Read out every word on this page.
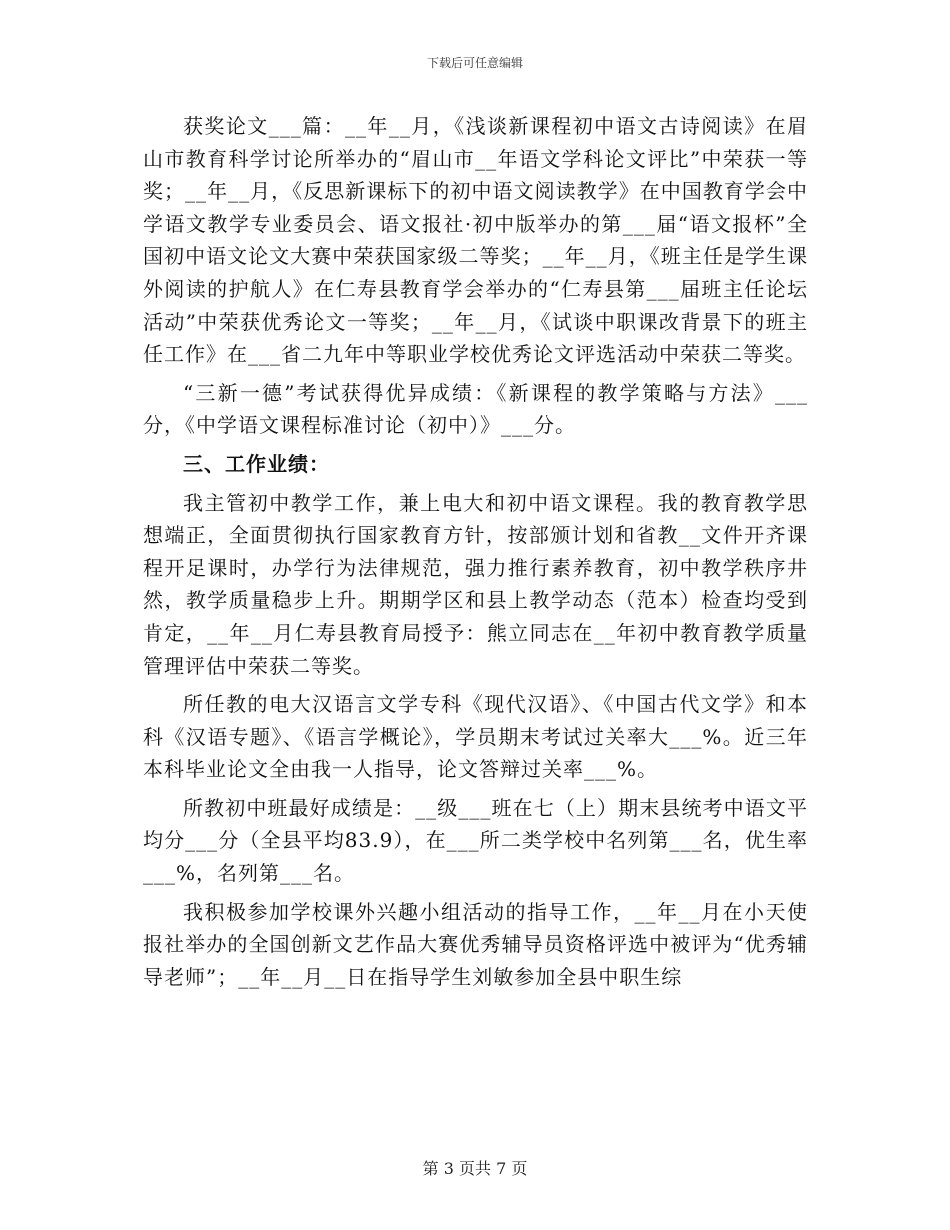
下载后可任意编辑

获奖论文___篇：__年__月，《浅谈新课程初中语文古诗阅读》在眉山市教育科学讨论所举办的“眉山市__年语文学科论文评比”中荣获一等奖；__年__月，《反思新课标下的初中语文阅读教学》在中国教育学会中学语文教学专业委员会、语文报社·初中版举办的第___届“语文报杯”全国初中语文论文大赛中荣获国家级二等奖；__年__月，《班主任是学生课外阅读的护航人》在仁寿县教育学会举办的“仁寿县第___届班主任论坛活动”中荣获优秀论文一等奖；__年__月，《试谈中职课改背景下的班主任工作》在___省二九年中等职业学校优秀论文评选活动中荣获二等奖。

“三新一德”考试获得优异成绩：《新课程的教学策略与方法》___分，《中学语文课程标准讨论（初中）》___分。

三、工作业绩：

我主管初中教学工作，兼上电大和初中语文课程。我的教育教学思想端正，全面贯彻执行国家教育方针，按部颁计划和省教__文件开齐课程开足课时，办学行为法律规范，强力推行素养教育，初中教学秩序井然，教学质量稳步上升。期期学区和县上教学动态（范本）检查均受到肯定，__年__月仁寿县教育局授予：熊立同志在__年初中教育教学质量管理评估中荣获二等奖。

所任教的电大汉语言文学专科《现代汉语》、《中国古代文学》和本科《汉语专题》、《语言学概论》，学员期末考试过关率大___%。近三年本科毕业论文全由我一人指导，论文答辩过关率___%。

所教初中班最好成绩是：__级___班在七（上）期末县统考中语文平均分___分（全县平均83.9），在___所二类学校中名列第___名，优生率___%，名列第___名。

我积极参加学校课外兴趣小组活动的指导工作，__年__月在小天使报社举办的全国创新文艺作品大赛优秀辅导员资格评选中被评为“优秀辅导老师”；__年__月__日在指导学生刘敏参加全县中职生综

第 3 页共 7 页
